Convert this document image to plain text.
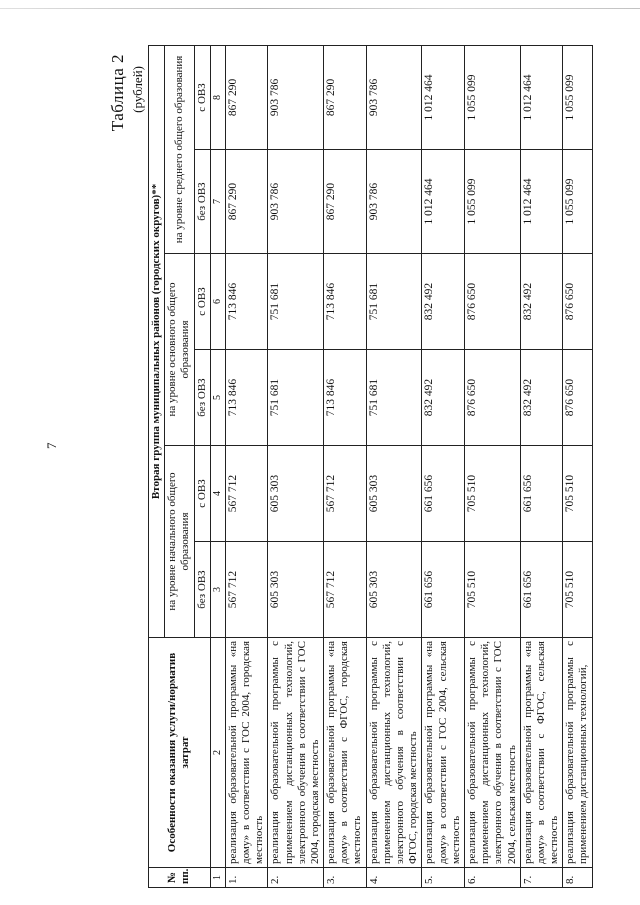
7
Таблица 2 (рублей)
№ пп.	Особенности оказания услуги/норматив затрат	Вторая группа муниципальных районов (городских округов)**					
		на уровне начального общего образования		на уровне основного общего образования		на уровне среднего общего образования	
		без ОВЗ	с ОВЗ	без ОВЗ	с ОВЗ	без ОВЗ	с ОВЗ
1	2	3	4	5	6	7	8
1.	реализация образовательной программы «на дому» в соответствии с ГОС 2004, городская местность	567 712	567 712	713 846	713 846	867 290	867 290
2.	реализация образовательной программы с применением дистанционных технологий, электронного обучения в соответствии с ГОС 2004, городская местность	605 303	605 303	751 681	751 681	903 786	903 786
3.	реализация образовательной программы «на дому» в соответствии с ФГОС, городская местность	567 712	567 712	713 846	713 846	867 290	867 290
4.	реализация образовательной программы с применением дистанционных технологий, электронного обучения в соответствии с ФГОС, городская местность	605 303	605 303	751 681	751 681	903 786	903 786
5.	реализация образовательной программы «на дому» в соответствии с ГОС 2004, сельская местность	661 656	661 656	832 492	832 492	1 012 464	1 012 464
6.	реализация образовательной программы с применением дистанционных технологий, электронного обучения в соответствии с ГОС 2004, сельская местность	705 510	705 510	876 650	876 650	1 055 099	1 055 099
7.	реализация образовательной программы «на дому» в соответствии с ФГОС, сельская местность	661 656	661 656	832 492	832 492	1 012 464	1 012 464
8.	реализация образовательной программы с применением дистанционных технологий,	705 510	705 510	876 650	876 650	1 055 099	1 055 099
